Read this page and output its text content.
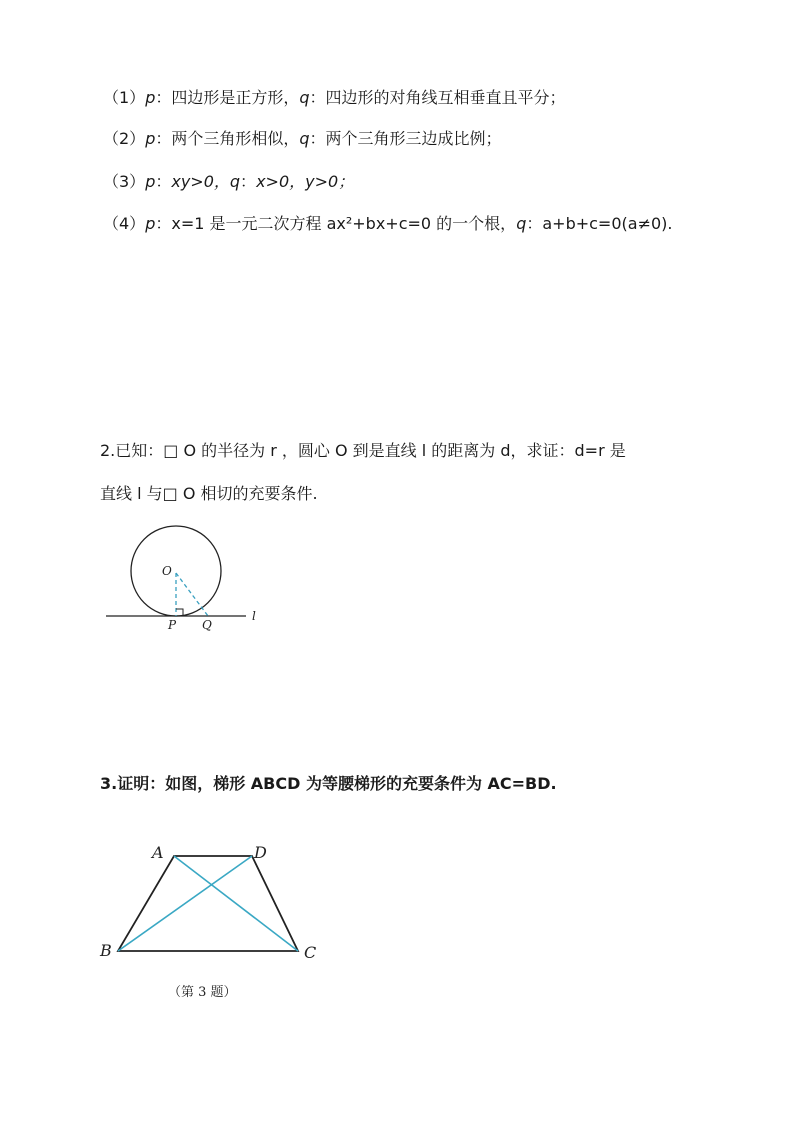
（1）p：四边形是正方形，q：四边形的对角线互相垂直且平分；
（2）p：两个三角形相似，q：两个三角形三边成比例；
（3）p：xy>0，q：x>0，y>0；
（4）p：x=1 是一元二次方程 ax²+bx+c=0 的一个根，q：a+b+c=0(a≠0).
2.已知：□ O 的半径为 r ，圆心 O 到是直线 l 的距离为 d，求证：d=r 是
直线 l 与□ O 相切的充要条件.
O
P Q
l
3.证明：如图，梯形 ABCD 为等腰梯形的充要条件为 AC=BD.
A	D
B	C
（第 3 题）
